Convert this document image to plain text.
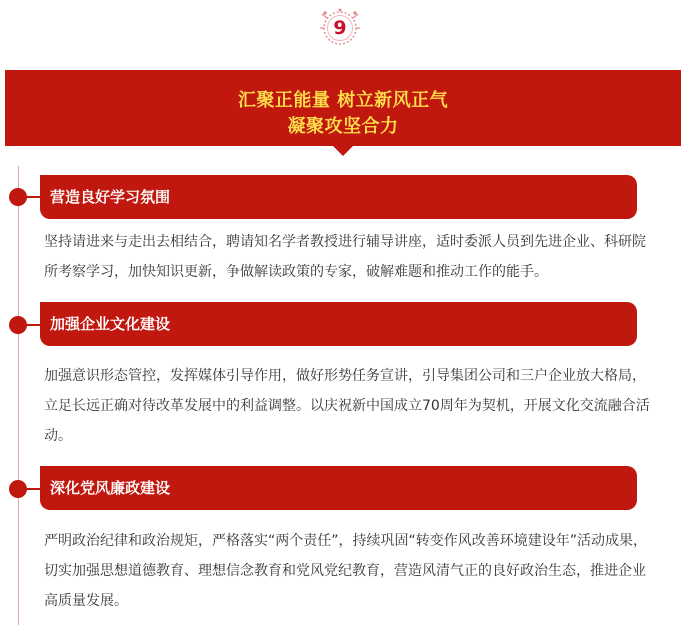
9
汇聚正能量 树立新风正气
凝聚攻坚合力
营造良好学习氛围
坚持请进来与走出去相结合，聘请知名学者教授进行辅导讲座，适时委派人员到先进企业、科研院所考察学习，加快知识更新，争做解读政策的专家，破解难题和推动工作的能手。
加强企业文化建设
加强意识形态管控，发挥媒体引导作用，做好形势任务宣讲，引导集团公司和三户企业放大格局，立足长远正确对待改革发展中的利益调整。以庆祝新中国成立70周年为契机，开展文化交流融合活动。
深化党风廉政建设
严明政治纪律和政治规矩，严格落实“两个责任”，持续巩固“转变作风改善环境建设年”活动成果，切实加强思想道德教育、理想信念教育和党风党纪教育，营造风清气正的良好政治生态，推进企业高质量发展。
